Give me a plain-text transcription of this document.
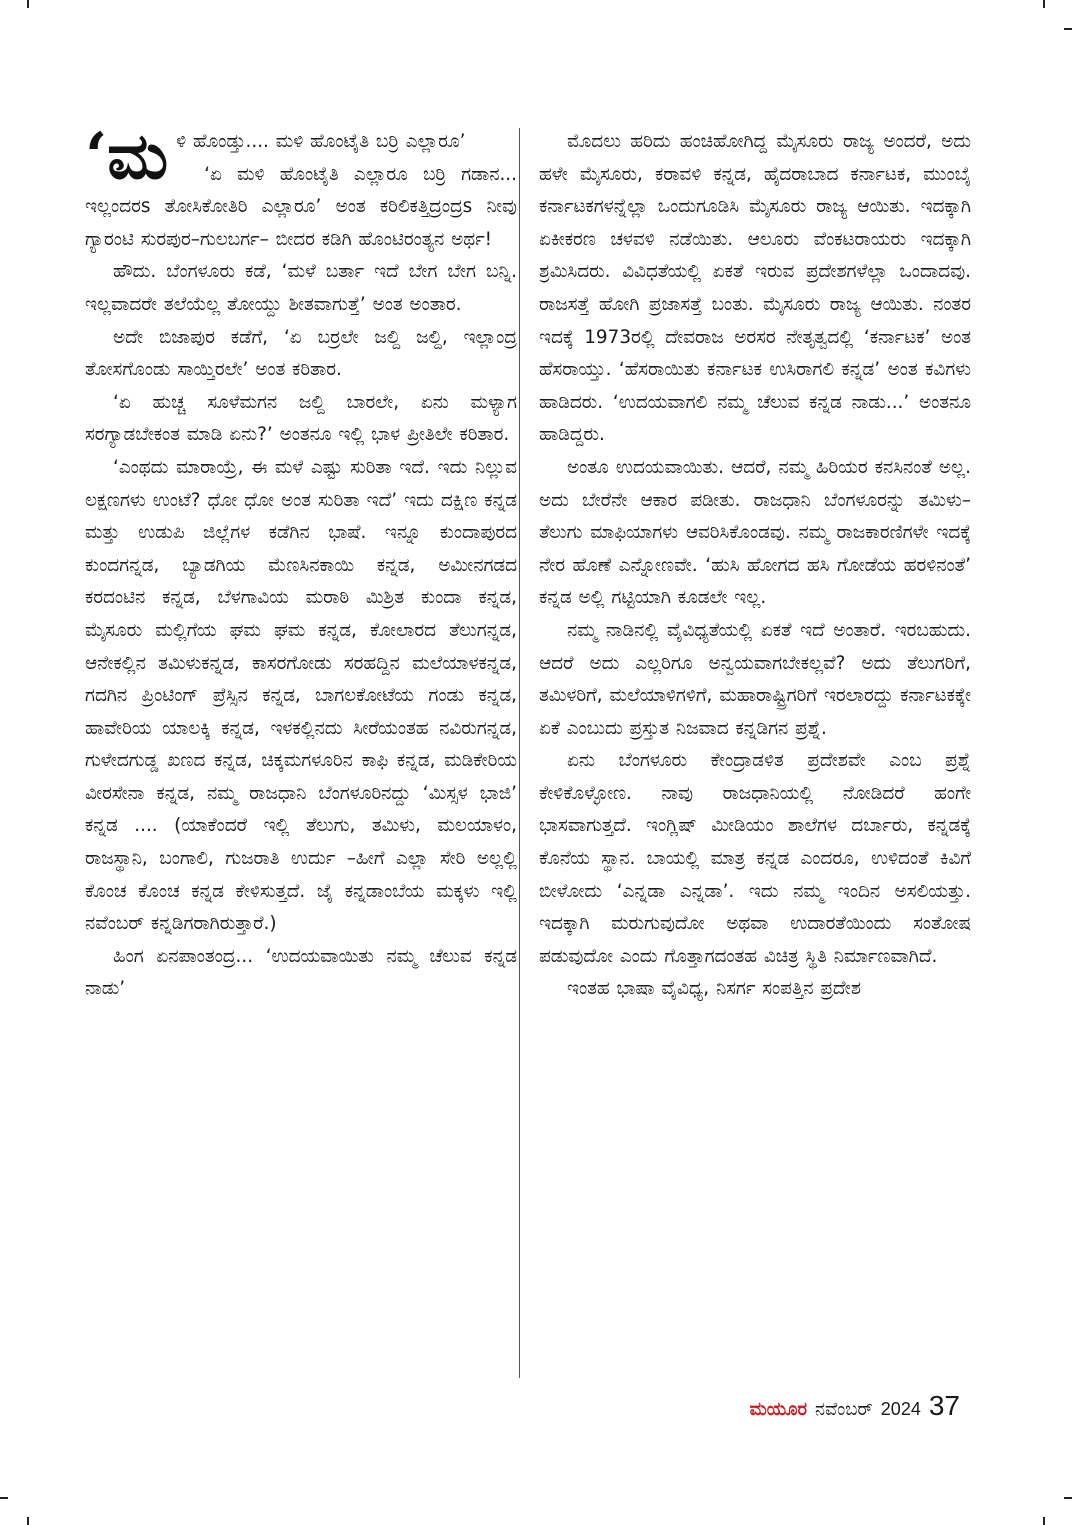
‘ಮಳಿ ಹೊಂಡ್ತು.... ಮಳಿ ಹೊಂಟೈತಿ ಬರ್ರಿ ಎಲ್ಲಾರೂ’

‘ಏ ಮಳಿ ಹೊಂಟೈತಿ ಎಲ್ಲಾರೂ ಬರ್ರಿ ಗಡಾನ... ಇಲ್ಲಂದರs ತೋಸಿಕೋತಿರಿ ಎಲ್ಲಾರೂ’ ಅಂತ ಕರಿಲಿಕತ್ತಿದ್ರಂದ್ರs ನೀವು ಗ್ಯಾರಂಟಿ ಸುರಪುರ–ಗುಲಬರ್ಗ– ಬೀದರ ಕಡಿಗಿ ಹೊಂಟಿರಂತ್ಯನ ಅರ್ಥ!

ಹೌದು. ಬೆಂಗಳೂರು ಕಡೆ, ‘ಮಳೆ ಬರ್ತಾ ಇದೆ ಬೇಗ ಬೇಗ ಬನ್ನಿ. ಇಲ್ಲವಾದರೇ ತಲೆಯೆಲ್ಲ ತೋಯ್ದು ಶೀತವಾಗುತ್ತೆ’ ಅಂತ ಅಂತಾರ.

ಅದೇ ಬಿಜಾಪುರ ಕಡೆಗೆ, ‘ಏ ಬರ್ರಲೇ ಜಲ್ದಿ ಜಲ್ದಿ, ಇಲ್ಲಾಂದ್ರ ತೋಸಗೊಂಡು ಸಾಯ್ತಿರಲೇ’ ಅಂತ ಕರಿತಾರ.

‘ಏ ಹುಚ್ಚ ಸೂಳೆಮಗನ ಜಲ್ದಿ ಬಾರಲೇ, ಏನು ಮಳ್ಯಾಗ ಸರಗ್ಯಾಡಬೇಕಂತ ಮಾಡಿ ಏನು?’ ಅಂತನೂ ಇಲ್ಲಿ ಭಾಳ ಪ್ರೀತಿಲೇ ಕರಿತಾರ.

‘ಎಂಥದು ಮಾರಾಯ್ರೆ, ಈ ಮಳೆ ಎಷ್ಟು ಸುರಿತಾ ಇದೆ. ಇದು ನಿಲ್ಲುವ ಲಕ್ಷಣಗಳು ಉಂಟೆ? ಧೋ ಧೋ ಅಂತ ಸುರಿತಾ ಇದೆ’ ಇದು ದಕ್ಷಿಣ ಕನ್ನಡ ಮತ್ತು ಉಡುಪಿ ಜಿಲ್ಲೆಗಳ ಕಡೆಗಿನ ಭಾಷೆ. ಇನ್ನೂ ಕುಂದಾಪುರದ ಕುಂದಗನ್ನಡ, ಬ್ಯಾಡಗಿಯ ಮೆಣಸಿನಕಾಯಿ ಕನ್ನಡ, ಅಮೀನಗಡದ ಕರದಂಟಿನ ಕನ್ನಡ, ಬೆಳಗಾವಿಯ ಮರಾಠಿ ಮಿಶ್ರಿತ ಕುಂದಾ ಕನ್ನಡ, ಮೈಸೂರು ಮಲ್ಲಿಗೆಯ ಘಮ ಘಮ ಕನ್ನಡ, ಕೋಲಾರದ ತೆಲುಗನ್ನಡ, ಆನೇಕಲ್ಲಿನ ತಮಿಳುಕನ್ನಡ, ಕಾಸರಗೋಡು ಸರಹದ್ದಿನ ಮಲೆಯಾಳಕನ್ನಡ, ಗದಗಿನ ಪ್ರಿಂಟಿಂಗ್ ಪ್ರೆಸ್ಸಿನ ಕನ್ನಡ, ಬಾಗಲಕೋಟೆಯ ಗಂಡು ಕನ್ನಡ, ಹಾವೇರಿಯ ಯಾಲಕ್ಕಿ ಕನ್ನಡ, ಇಳಕಲ್ಲಿನದು ಸೀರೆಯಂತಹ ನವಿರುಗನ್ನಡ, ಗುಳೇದಗುಡ್ಡ ಖಣದ ಕನ್ನಡ, ಚಿಕ್ಕಮಗಳೂರಿನ ಕಾಫಿ ಕನ್ನಡ, ಮಡಿಕೇರಿಯ ವೀರಸೇನಾ ಕನ್ನಡ, ನಮ್ಮ ರಾಜಧಾನಿ ಬೆಂಗಳೂರಿನದ್ದು ‘ಮಿಸ್ಸಳ ಭಾಜಿ’ ಕನ್ನಡ .... (ಯಾಕೆಂದರೆ ಇಲ್ಲಿ ತೆಲುಗು, ತಮಿಳು, ಮಲಯಾಳಂ, ರಾಜಸ್ಥಾನಿ, ಬಂಗಾಲಿ, ಗುಜರಾತಿ ಉರ್ದು –ಹೀಗೆ ಎಲ್ಲಾ ಸೇರಿ ಅಲ್ಲಲ್ಲಿ ಕೊಂಚ ಕೊಂಚ ಕನ್ನಡ ಕೇಳಿಸುತ್ತದೆ. ಜೈ ಕನ್ನಡಾಂಬೆಯ ಮಕ್ಕಳು ಇಲ್ಲಿ ನವೆಂಬರ್ ಕನ್ನಡಿಗರಾಗಿರುತ್ತಾರೆ.)

ಹಿಂಗ ಏನಪಾಂತಂದ್ರ... ‘ಉದಯವಾಯಿತು ನಮ್ಮ ಚೆಲುವ ಕನ್ನಡ ನಾಡು’

ಮೊದಲು ಹರಿದು ಹಂಚಿಹೋಗಿದ್ದ ಮೈಸೂರು ರಾಜ್ಯ ಅಂದರೆ, ಅದು ಹಳೇ ಮೈಸೂರು, ಕರಾವಳಿ ಕನ್ನಡ, ಹೈದರಾಬಾದ ಕರ್ನಾಟಕ, ಮುಂಬೈ ಕರ್ನಾಟಕಗಳನ್ನೆಲ್ಲಾ ಒಂದುಗೂಡಿಸಿ ಮೈಸೂರು ರಾಜ್ಯ ಆಯಿತು. ಇದಕ್ಕಾಗಿ ಏಕೀಕರಣ ಚಳವಳಿ ನಡೆಯಿತು. ಆಲೂರು ವೆಂಕಟರಾಯರು ಇದಕ್ಕಾಗಿ ಶ್ರಮಿಸಿದರು. ವಿವಿಧತೆಯಲ್ಲಿ ಏಕತೆ ಇರುವ ಪ್ರದೇಶಗಳೆಲ್ಲಾ ಒಂದಾದವು. ರಾಜಸತ್ತೆ ಹೋಗಿ ಪ್ರಜಾಸತ್ತೆ ಬಂತು. ಮೈಸೂರು ರಾಜ್ಯ ಆಯಿತು. ನಂತರ ಇದಕ್ಕೆ 1973ರಲ್ಲಿ ದೇವರಾಜ ಅರಸರ ನೇತೃತ್ವದಲ್ಲಿ ‘ಕರ್ನಾಟಕ’ ಅಂತ ಹೆಸರಾಯ್ತು. ‘ಹೆಸರಾಯಿತು ಕರ್ನಾಟಕ ಉಸಿರಾಗಲಿ ಕನ್ನಡ’ ಅಂತ ಕವಿಗಳು ಹಾಡಿದರು. ‘ಉದಯವಾಗಲಿ ನಮ್ಮ ಚೆಲುವ ಕನ್ನಡ ನಾಡು...’ ಅಂತನೂ ಹಾಡಿದ್ದರು.

ಅಂತೂ ಉದಯವಾಯಿತು. ಆದರೆ, ನಮ್ಮ ಹಿರಿಯರ ಕನಸಿನಂತೆ ಅಲ್ಲ. ಅದು ಬೇರೆನೇ ಆಕಾರ ಪಡೀತು. ರಾಜಧಾನಿ ಬೆಂಗಳೂರನ್ನು ತಮಿಳು–ತೆಲುಗು ಮಾಫಿಯಾಗಳು ಆವರಿಸಿಕೊಂಡವು. ನಮ್ಮ ರಾಜಕಾರಣಿಗಳೇ ಇದಕ್ಕೆ ನೇರ ಹೊಣೆ ಎನ್ನೋಣವೇ. ‘ಹುಸಿ ಹೋಗದ ಹಸಿ ಗೋಡೆಯ ಹರಳಿನಂತೆ’ ಕನ್ನಡ ಅಲ್ಲಿ ಗಟ್ಟಿಯಾಗಿ ಕೂಡಲೇ ಇಲ್ಲ.

ನಮ್ಮ ನಾಡಿನಲ್ಲಿ ವೈವಿಧ್ಯತೆಯಲ್ಲಿ ಏಕತೆ ಇದೆ ಅಂತಾರೆ. ಇರಬಹುದು. ಆದರೆ ಅದು ಎಲ್ಲರಿಗೂ ಅನ್ವಯವಾಗಬೇಕಲ್ಲವೆ? ಅದು ತೆಲುಗರಿಗೆ, ತಮಿಳರಿಗೆ, ಮಲೆಯಾಳಿಗಳಿಗೆ, ಮಹಾರಾಷ್ಟ್ರಿಗರಿಗೆ ಇರಲಾರದ್ದು ಕರ್ನಾಟಕಕ್ಕೇ ಏಕೆ ಎಂಬುದು ಪ್ರಸ್ತುತ ನಿಜವಾದ ಕನ್ನಡಿಗನ ಪ್ರಶ್ನೆ.

ಏನು ಬೆಂಗಳೂರು ಕೇಂದ್ರಾಡಳಿತ ಪ್ರದೇಶವೇ ಎಂಬ ಪ್ರಶ್ನೆ ಕೇಳಿಕೊಳ್ಳೋಣ. ನಾವು ರಾಜಧಾನಿಯಲ್ಲಿ ನೋಡಿದರೆ ಹಂಗೇ ಭಾಸವಾಗುತ್ತದೆ. ಇಂಗ್ಲಿಷ್ ಮೀಡಿಯಂ ಶಾಲೆಗಳ ದರ್ಬಾರು, ಕನ್ನಡಕ್ಕೆ ಕೊನೆಯ ಸ್ಥಾನ. ಬಾಯಲ್ಲಿ ಮಾತ್ರ ಕನ್ನಡ ಎಂದರೂ, ಉಳಿದಂತೆ ಕಿವಿಗೆ ಬೀಳೋದು ‘ಎನ್ನಡಾ ಎನ್ನಡಾ’. ಇದು ನಮ್ಮ ಇಂದಿನ ಅಸಲಿಯತ್ತು. ಇದಕ್ಕಾಗಿ ಮರುಗುವುದೋ ಅಥವಾ ಉದಾರತೆಯಿಂದು ಸಂತೋಷ ಪಡುವುದೋ ಎಂದು ಗೊತ್ತಾಗದಂತಹ ವಿಚಿತ್ರ ಸ್ಥಿತಿ ನಿರ್ಮಾಣವಾಗಿದೆ.

ಇಂತಹ ಭಾಷಾ ವೈವಿಧ್ಯ, ನಿಸರ್ಗ ಸಂಪತ್ತಿನ ಪ್ರದೇಶ

ಮಯೂರ ನವೆಂಬರ್ 2024 37
